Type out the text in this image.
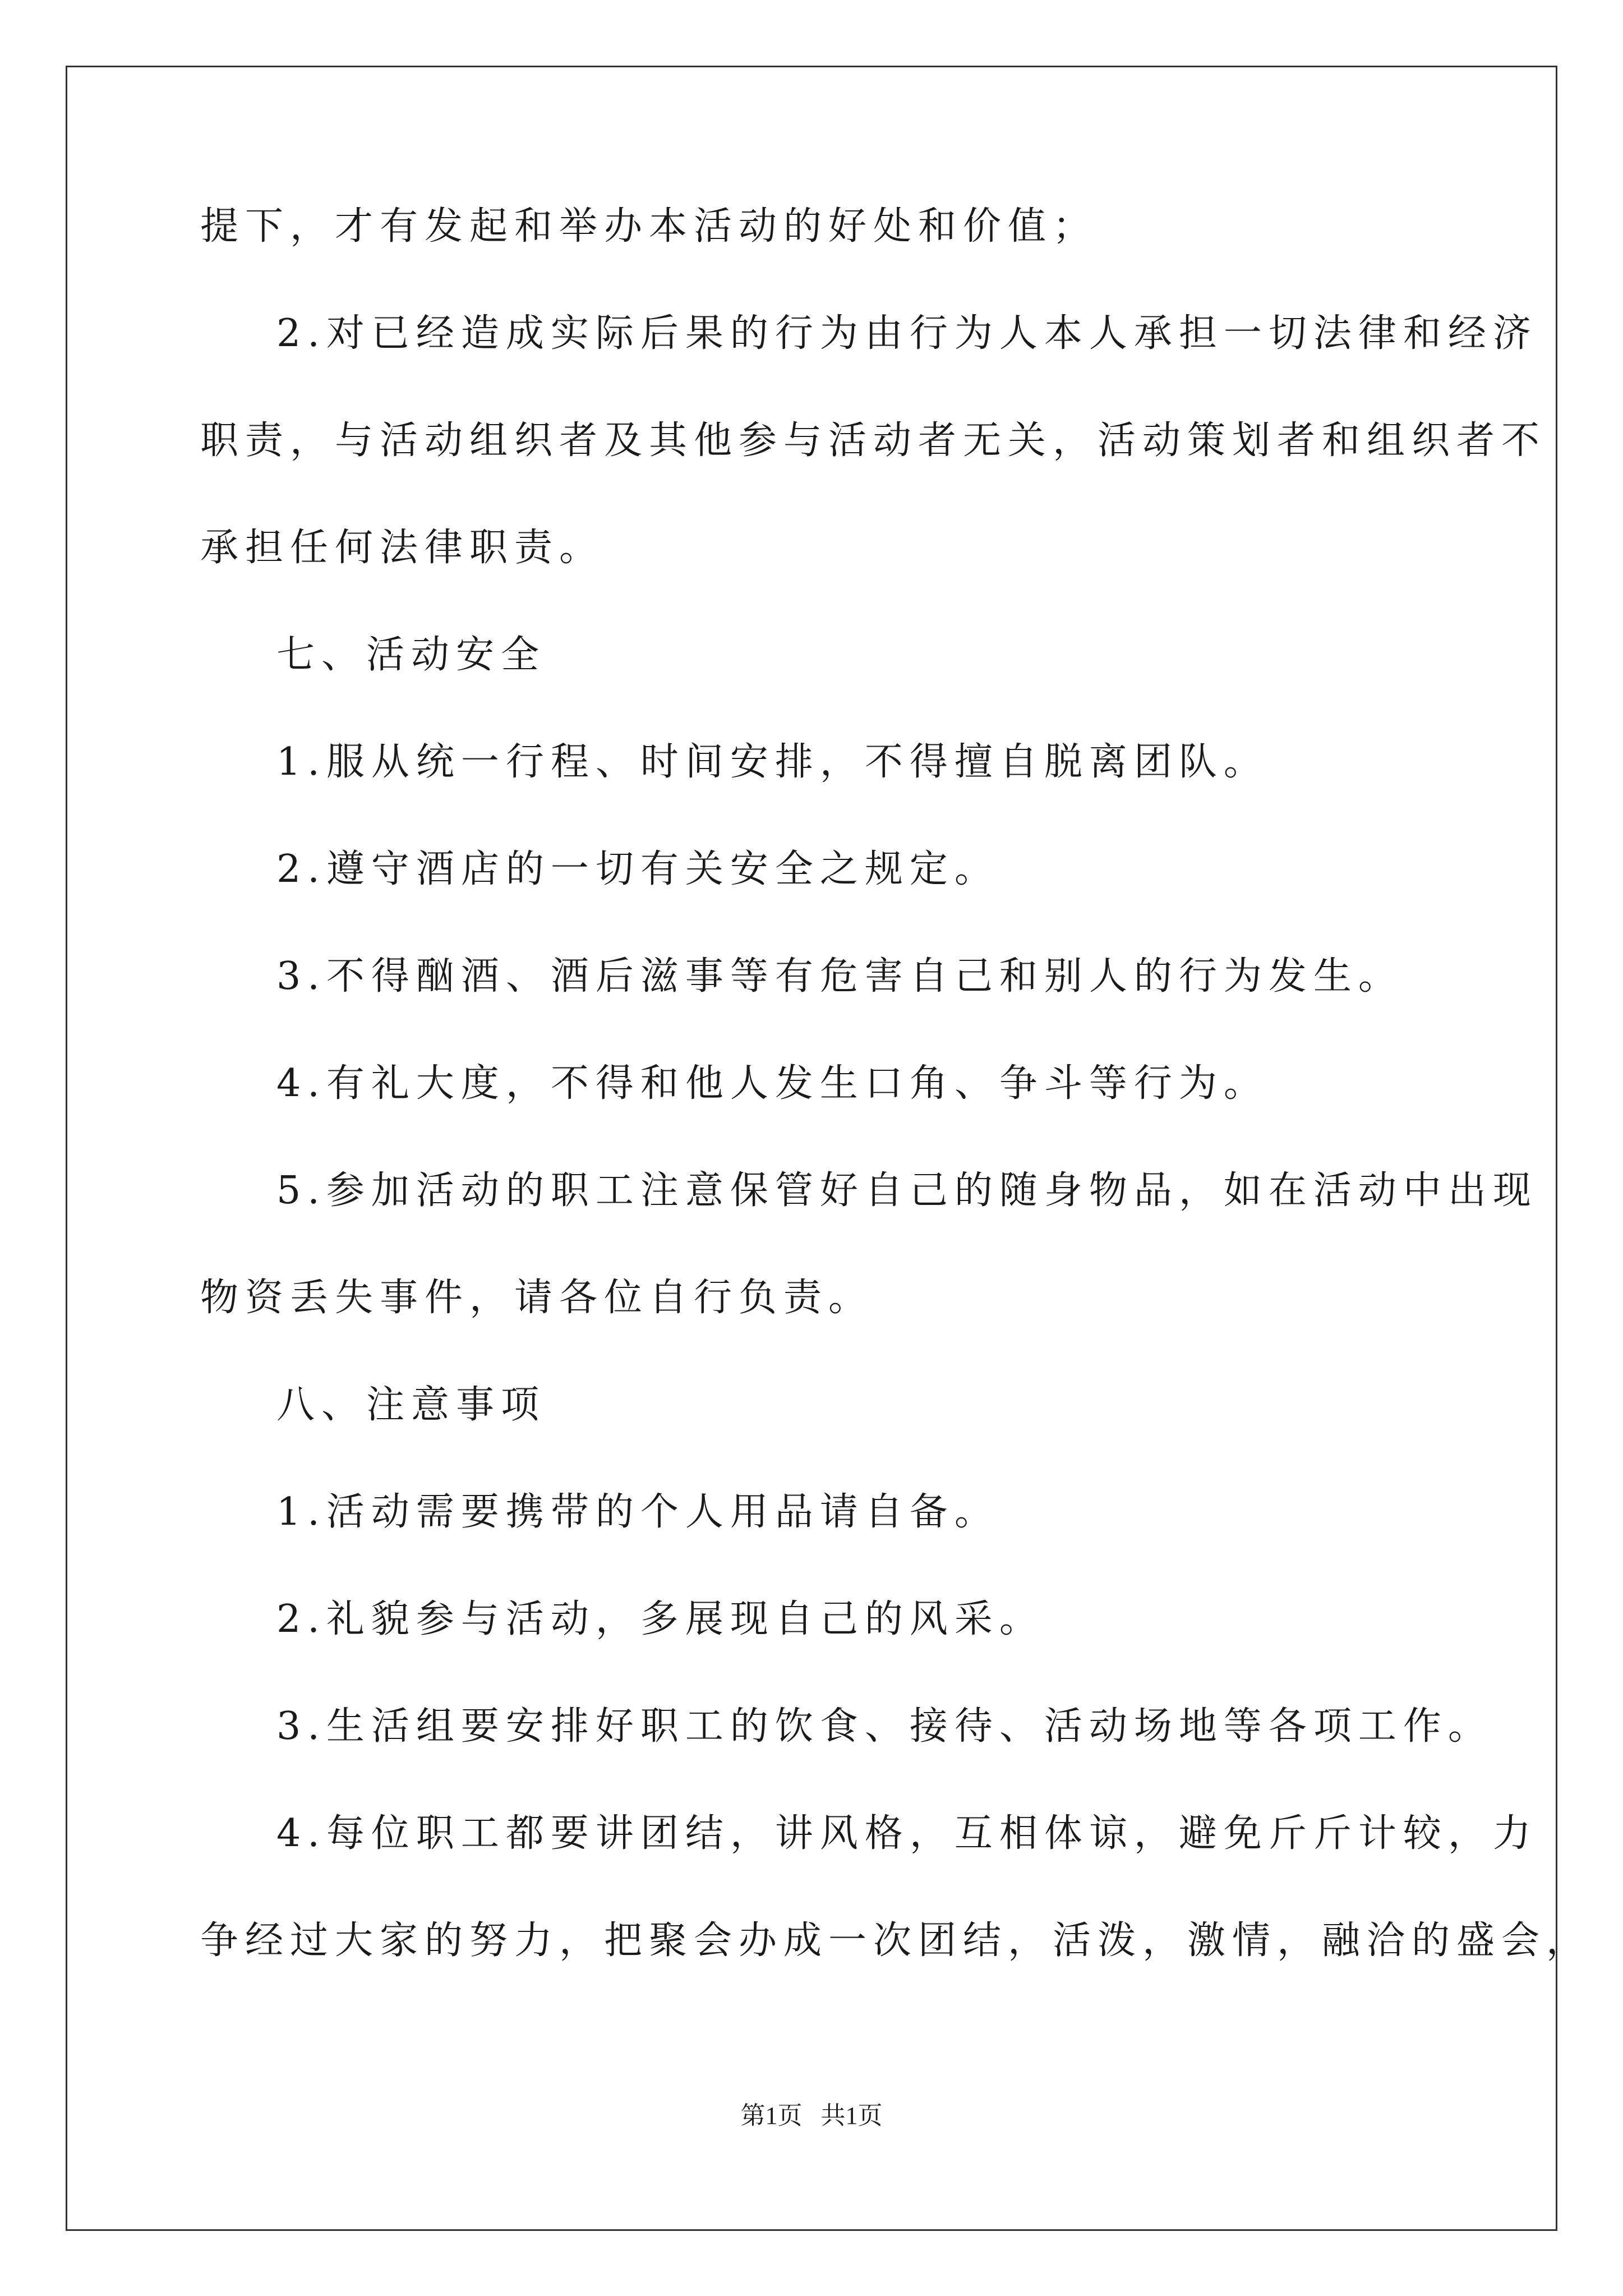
提下，才有发起和举办本活动的好处和价值；
2.对已经造成实际后果的行为由行为人本人承担一切法律和经济
职责，与活动组织者及其他参与活动者无关，活动策划者和组织者不
承担任何法律职责。
七、活动安全
1.服从统一行程、时间安排，不得擅自脱离团队。
2.遵守酒店的一切有关安全之规定。
3.不得酗酒、酒后滋事等有危害自己和别人的行为发生。
4.有礼大度，不得和他人发生口角、争斗等行为。
5.参加活动的职工注意保管好自己的随身物品，如在活动中出现
物资丢失事件，请各位自行负责。
八、注意事项
1.活动需要携带的个人用品请自备。
2.礼貌参与活动，多展现自己的风采。
3.生活组要安排好职工的饮食、接待、活动场地等各项工作。
4.每位职工都要讲团结，讲风格，互相体谅，避免斤斤计较，力
争经过大家的努力，把聚会办成一次团结，活泼，激情，融洽的盛会，
第1页   共1页
